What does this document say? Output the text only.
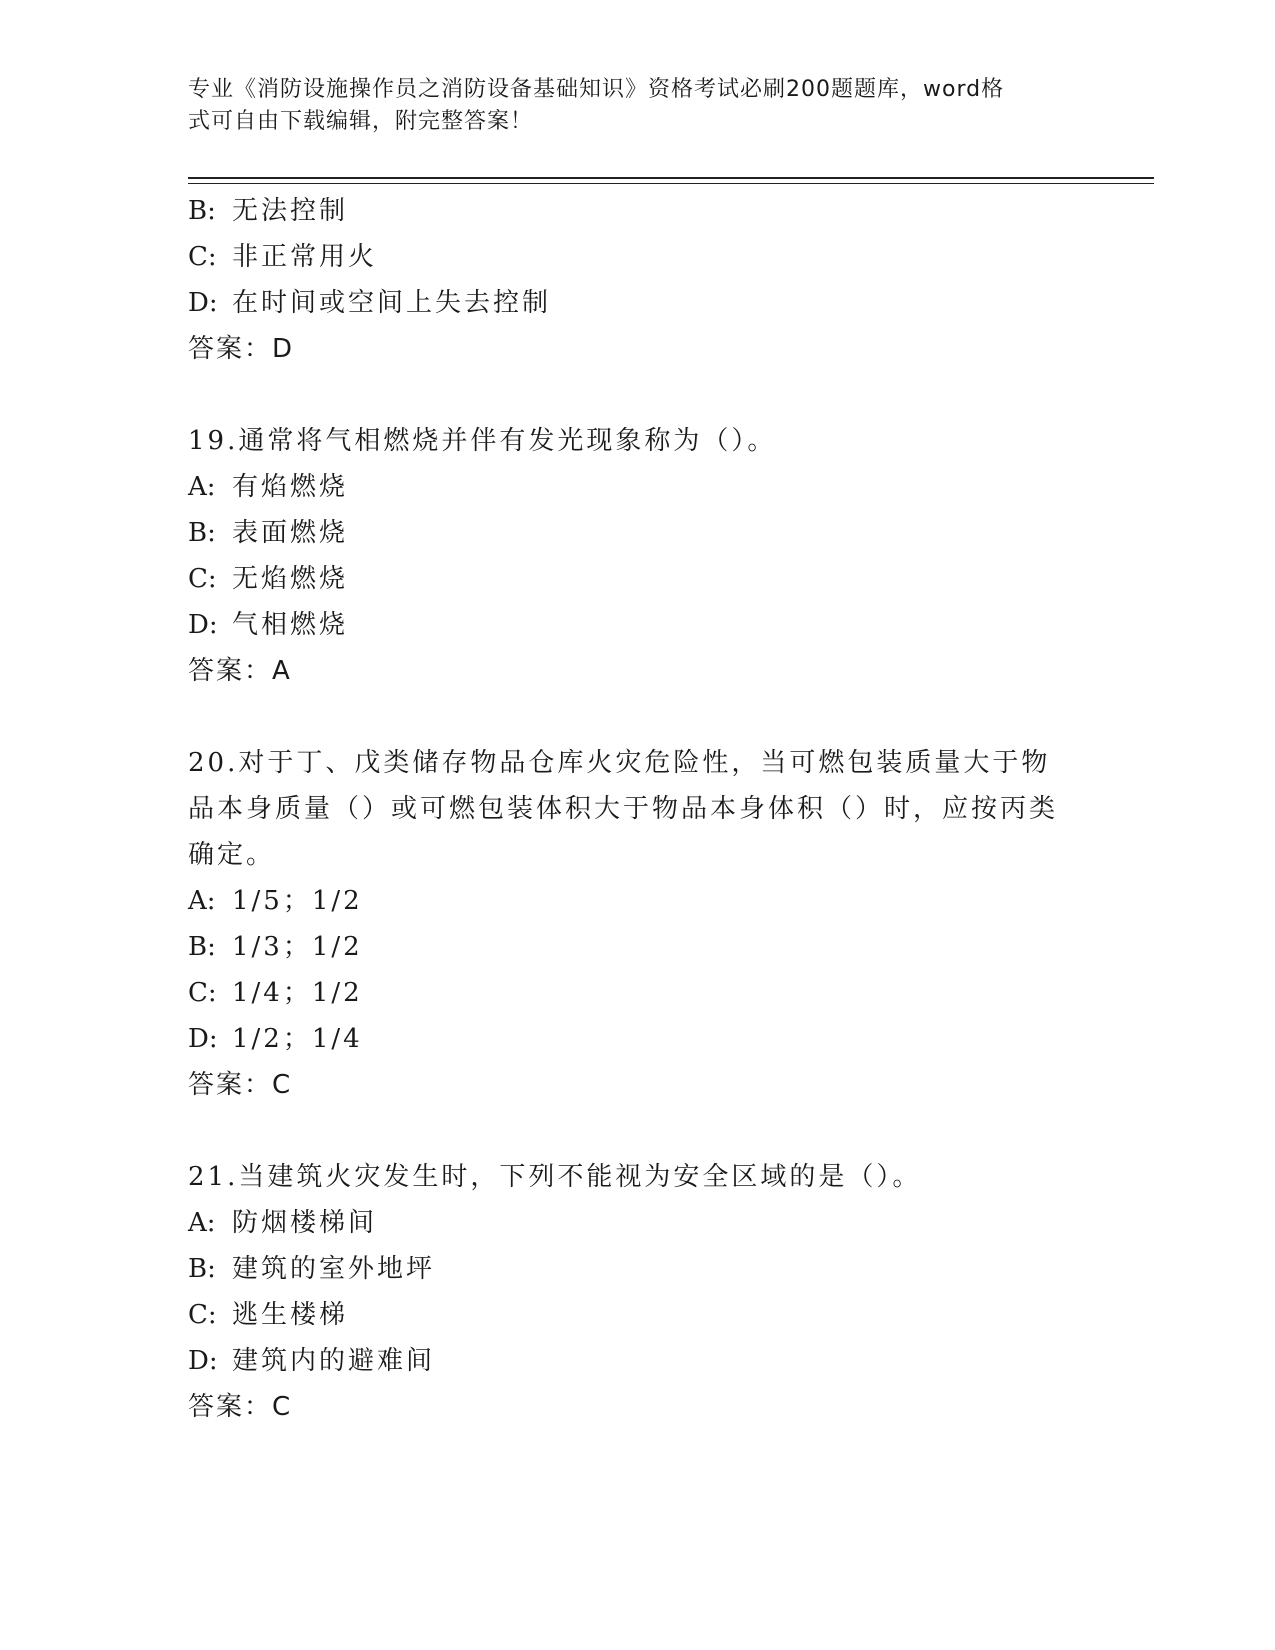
专业《消防设施操作员之消防设备基础知识》资格考试必刷200题题库，word格
式可自由下载编辑，附完整答案！
B: 无法控制
C: 非正常用火
D: 在时间或空间上失去控制
答案：D
19.通常将气相燃烧并伴有发光现象称为（）。
A: 有焰燃烧
B: 表面燃烧
C: 无焰燃烧
D: 气相燃烧
答案：A
20.对于丁、戊类储存物品仓库火灾危险性，当可燃包装质量大于物品本身质量（）或可燃包装体积大于物品本身体积（）时，应按丙类确定。
A: 1/5；1/2
B: 1/3；1/2
C: 1/4；1/2
D: 1/2；1/4
答案：C
21.当建筑火灾发生时，下列不能视为安全区域的是（）。
A: 防烟楼梯间
B: 建筑的室外地坪
C: 逃生楼梯
D: 建筑内的避难间
答案：C
